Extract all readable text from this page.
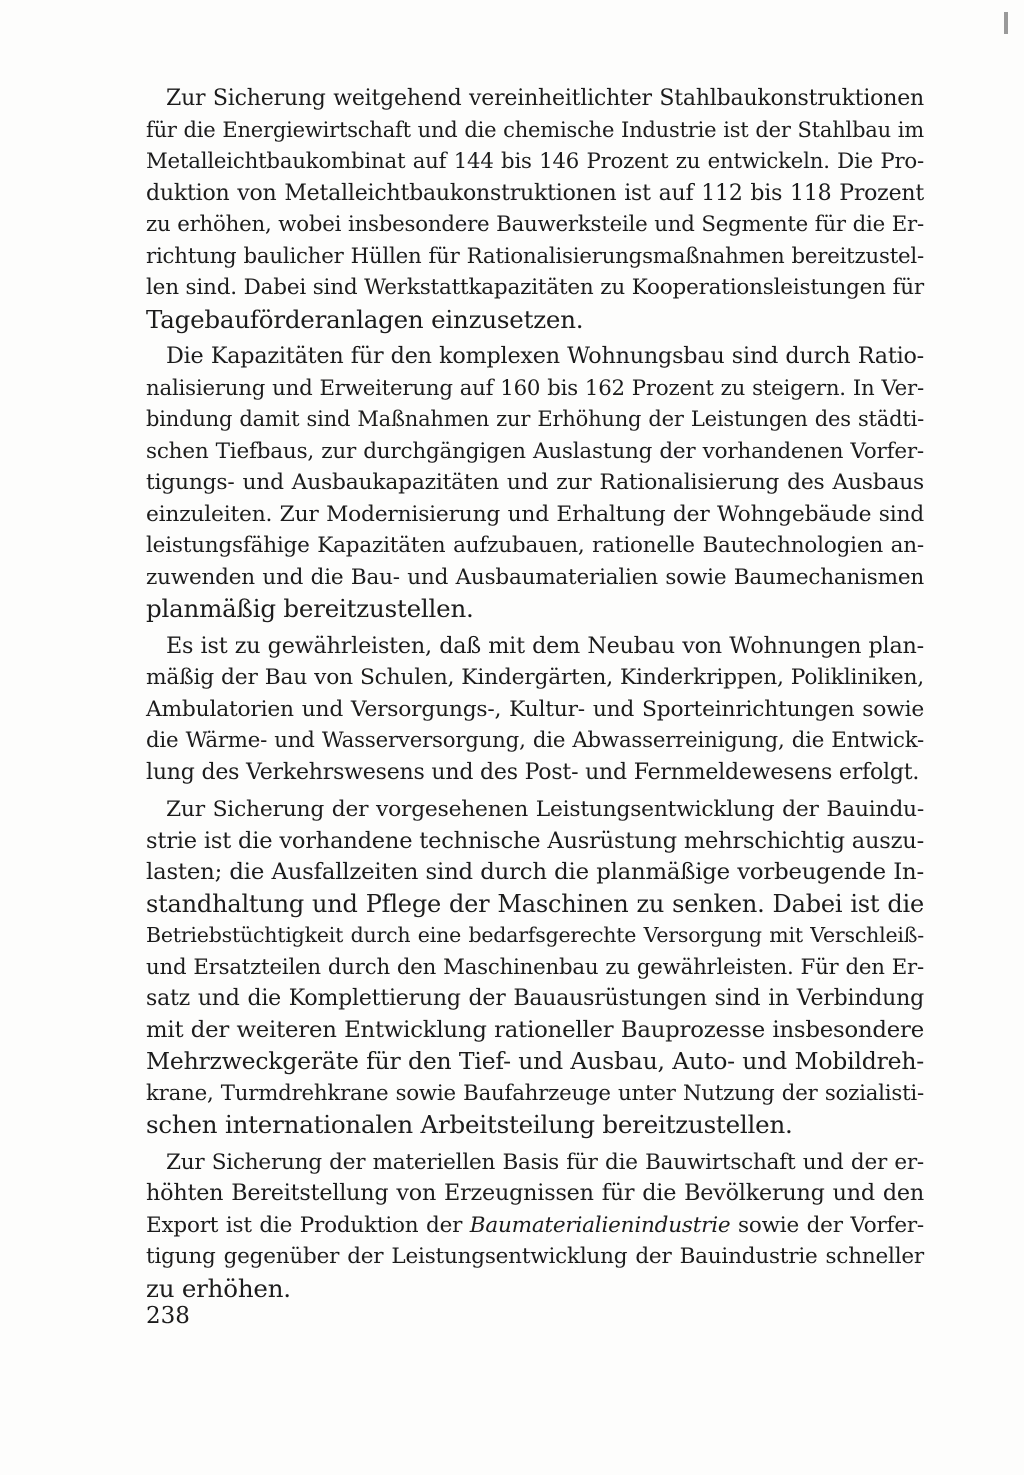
Zur Sicherung weitgehend vereinheitlichter Stahlbaukonstruktionen
für die Energiewirtschaft und die chemische Industrie ist der Stahlbau im
Metalleichtbaukombinat auf 144 bis 146 Prozent zu entwickeln. Die Pro-
duktion von Metalleichtbaukonstruktionen ist auf 112 bis 118 Prozent
zu erhöhen, wobei insbesondere Bauwerksteile und Segmente für die Er-
richtung baulicher Hüllen für Rationalisierungsmaßnahmen bereitzustel-
len sind. Dabei sind Werkstattkapazitäten zu Kooperationsleistungen für
Tagebauförderanlagen einzusetzen.
Die Kapazitäten für den komplexen Wohnungsbau sind durch Ratio-
nalisierung und Erweiterung auf 160 bis 162 Prozent zu steigern. In Ver-
bindung damit sind Maßnahmen zur Erhöhung der Leistungen des städti-
schen Tiefbaus, zur durchgängigen Auslastung der vorhandenen Vorfer-
tigungs- und Ausbaukapazitäten und zur Rationalisierung des Ausbaus
einzuleiten. Zur Modernisierung und Erhaltung der Wohngebäude sind
leistungsfähige Kapazitäten aufzubauen, rationelle Bautechnologien an-
zuwenden und die Bau- und Ausbaumaterialien sowie Baumechanismen
planmäßig bereitzustellen.
Es ist zu gewährleisten, daß mit dem Neubau von Wohnungen plan-
mäßig der Bau von Schulen, Kindergärten, Kinderkrippen, Polikliniken,
Ambulatorien und Versorgungs-, Kultur- und Sporteinrichtungen sowie
die Wärme- und Wasserversorgung, die Abwasserreinigung, die Entwick-
lung des Verkehrswesens und des Post- und Fernmeldewesens erfolgt.
Zur Sicherung der vorgesehenen Leistungsentwicklung der Bauindu-
strie ist die vorhandene technische Ausrüstung mehrschichtig auszu-
lasten; die Ausfallzeiten sind durch die planmäßige vorbeugende In-
standhaltung und Pflege der Maschinen zu senken. Dabei ist die
Betriebstüchtigkeit durch eine bedarfsgerechte Versorgung mit Verschleiß-
und Ersatzteilen durch den Maschinenbau zu gewährleisten. Für den Er-
satz und die Komplettierung der Bauausrüstungen sind in Verbindung
mit der weiteren Entwicklung rationeller Bauprozesse insbesondere
Mehrzweckgeräte für den Tief- und Ausbau, Auto- und Mobildreh-
krane, Turmdrehkrane sowie Baufahrzeuge unter Nutzung der sozialisti-
schen internationalen Arbeitsteilung bereitzustellen.
Zur Sicherung der materiellen Basis für die Bauwirtschaft und der er-
höhten Bereitstellung von Erzeugnissen für die Bevölkerung und den
Export ist die Produktion der Baumaterialienindustrie sowie der Vorfer-
tigung gegenüber der Leistungsentwicklung der Bauindustrie schneller
zu erhöhen.
238
